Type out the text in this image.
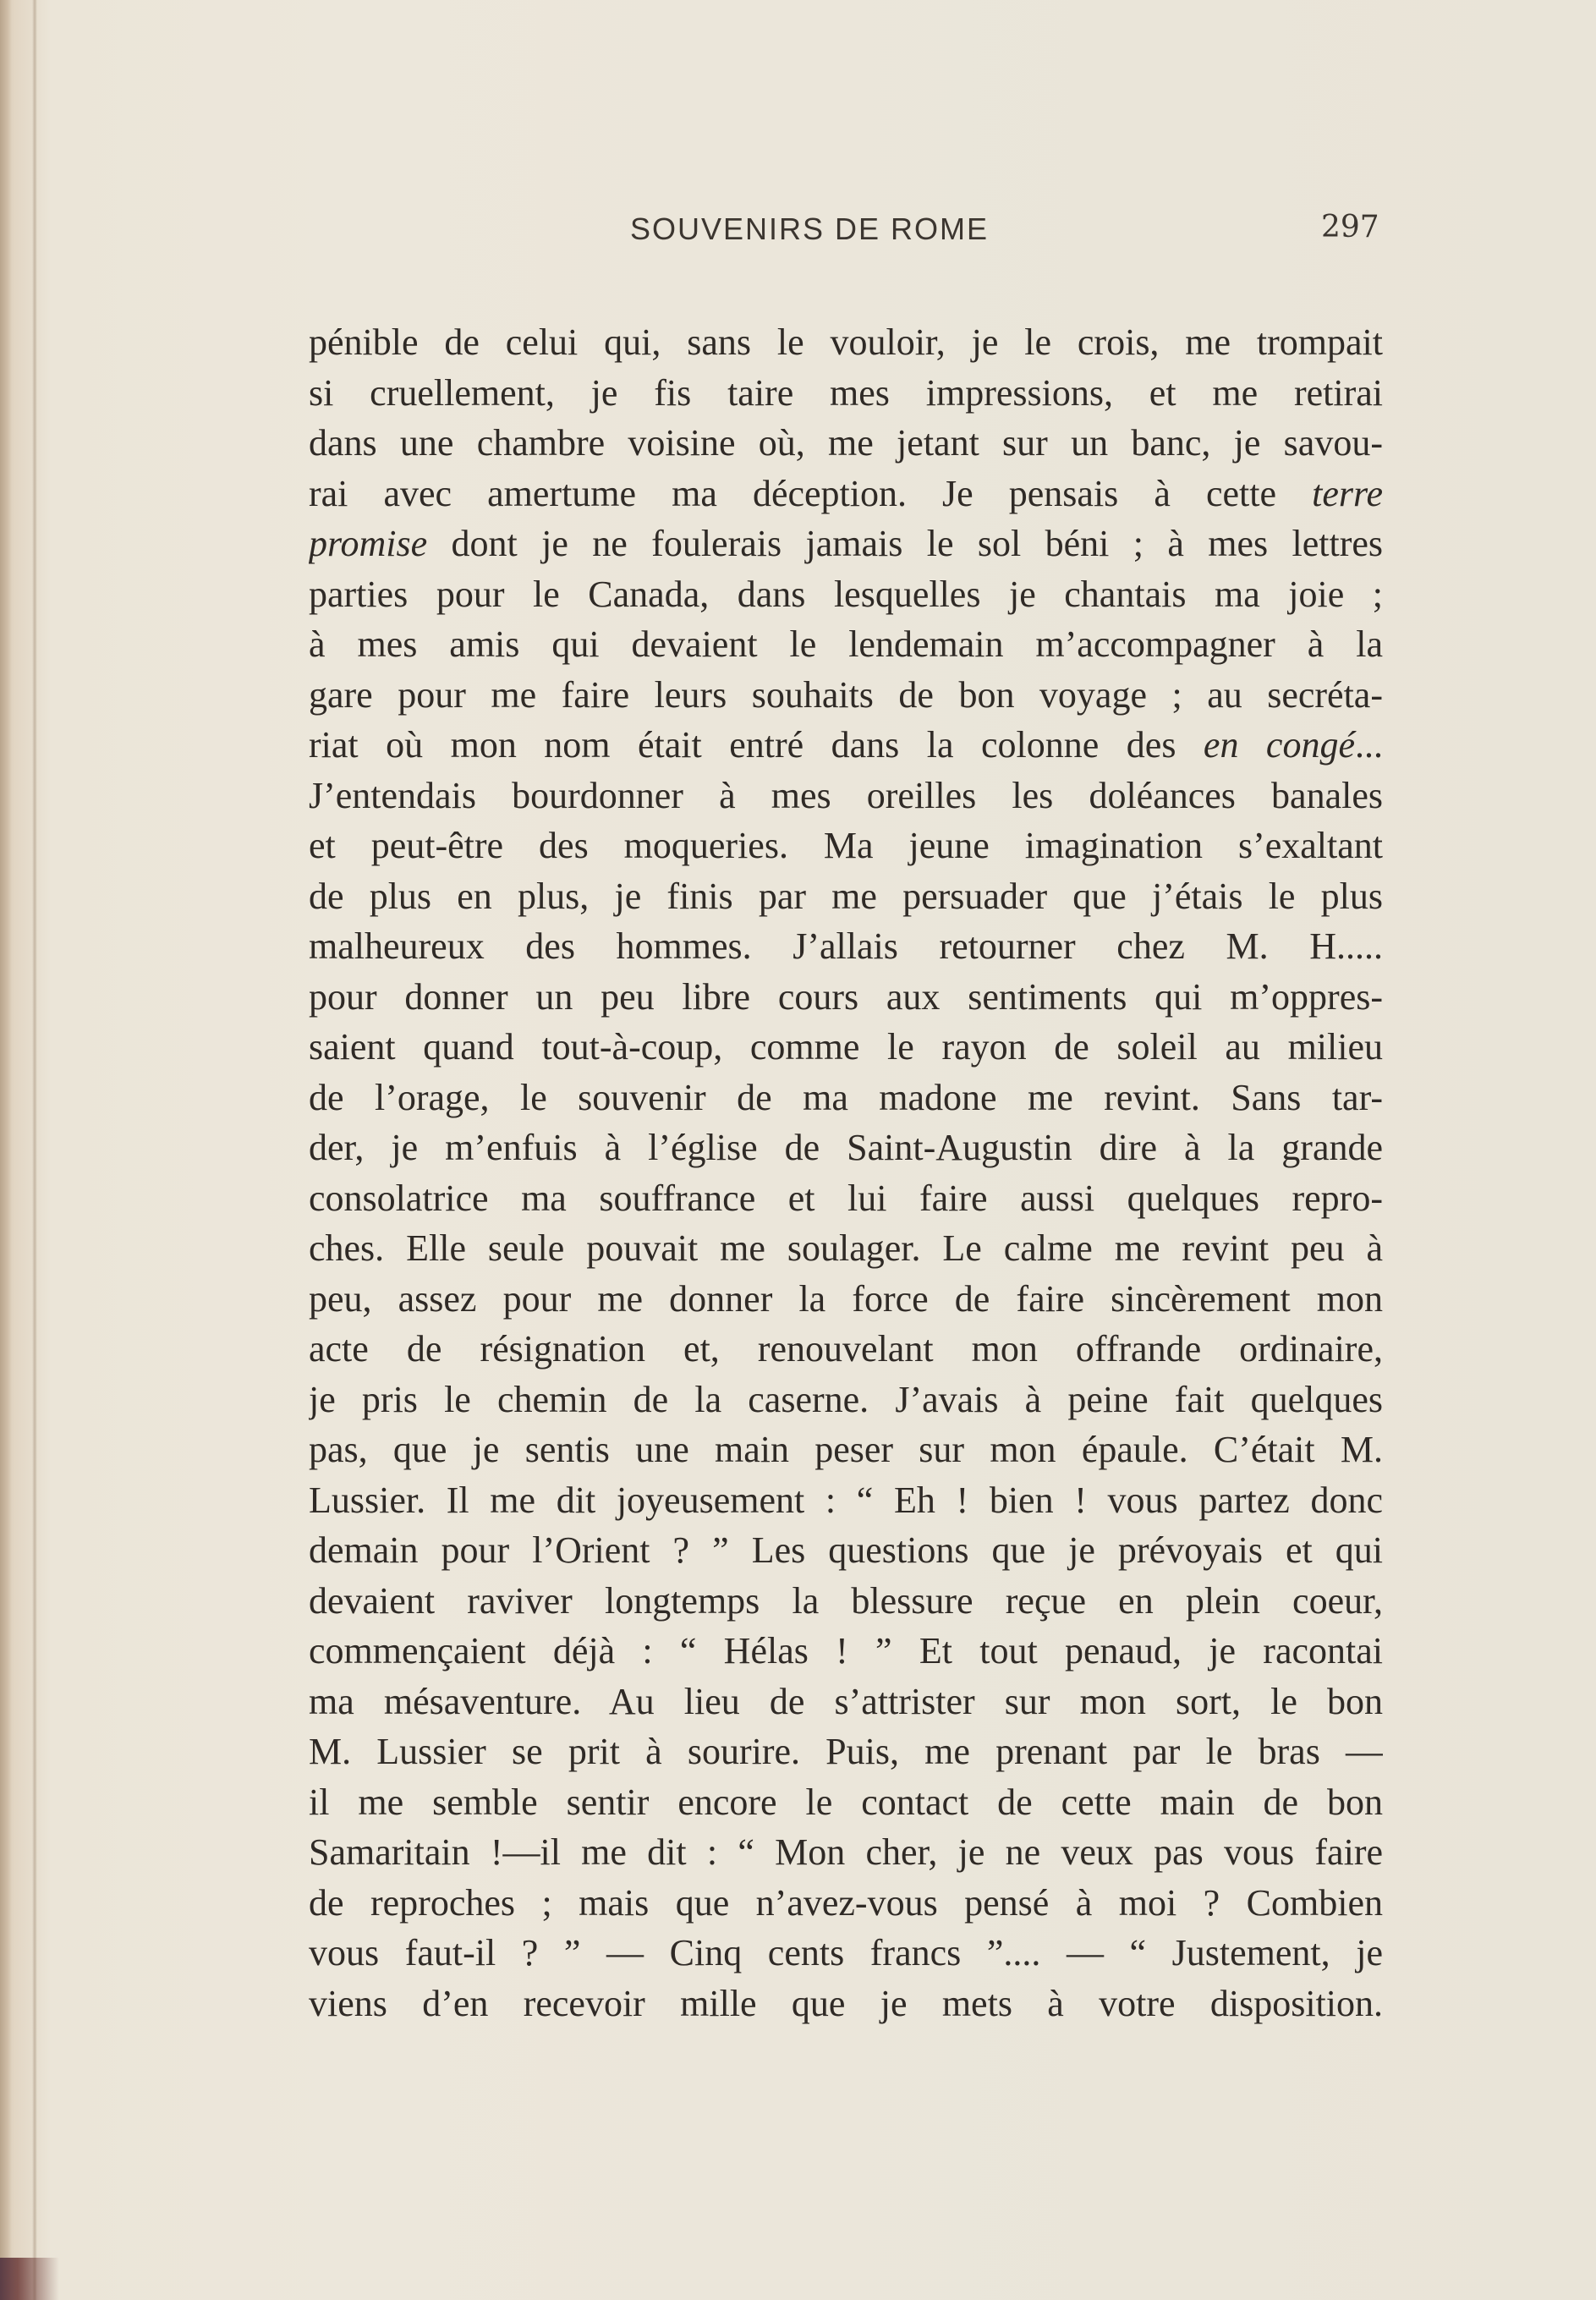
SOUVENIRS DE ROME	297
pénible de celui qui, sans le vouloir, je le crois, me trompait
si cruellement, je fis taire mes impressions, et me retirai
dans une chambre voisine où, me jetant sur un banc, je savou-
rai avec amertume ma déception. Je pensais à cette terre
promise dont je ne foulerais jamais le sol béni ; à mes lettres
parties pour le Canada, dans lesquelles je chantais ma joie ;
à mes amis qui devaient le lendemain m’accompagner à la
gare pour me faire leurs souhaits de bon voyage ; au secréta-
riat où mon nom était entré dans la colonne des en congé...
J’entendais bourdonner à mes oreilles les doléances banales
et peut-être des moqueries. Ma jeune imagination s’exaltant
de plus en plus, je finis par me persuader que j’étais le plus
malheureux des hommes. J’allais retourner chez M. H.....
pour donner un peu libre cours aux sentiments qui m’oppres-
saient quand tout-à-coup, comme le rayon de soleil au milieu
de l’orage, le souvenir de ma madone me revint. Sans tar-
der, je m’enfuis à l’église de Saint-Augustin dire à la grande
consolatrice ma souffrance et lui faire aussi quelques repro-
ches. Elle seule pouvait me soulager. Le calme me revint peu à
peu, assez pour me donner la force de faire sincèrement mon
acte de résignation et, renouvelant mon offrande ordinaire,
je pris le chemin de la caserne. J’avais à peine fait quelques
pas, que je sentis une main peser sur mon épaule. C’était M.
Lussier. Il me dit joyeusement : “ Eh ! bien ! vous partez donc
demain pour l’Orient ? ” Les questions que je prévoyais et qui
devaient raviver longtemps la blessure reçue en plein coeur,
commençaient déjà : “ Hélas ! ” Et tout penaud, je racontai
ma mésaventure. Au lieu de s’attrister sur mon sort, le bon
M. Lussier se prit à sourire. Puis, me prenant par le bras —
il me semble sentir encore le contact de cette main de bon
Samaritain !—il me dit : “ Mon cher, je ne veux pas vous faire
de reproches ; mais que n’avez-vous pensé à moi ? Combien
vous faut-il ? ” — Cinq cents francs ”.... — “ Justement, je
viens d’en recevoir mille que je mets à votre disposition.
